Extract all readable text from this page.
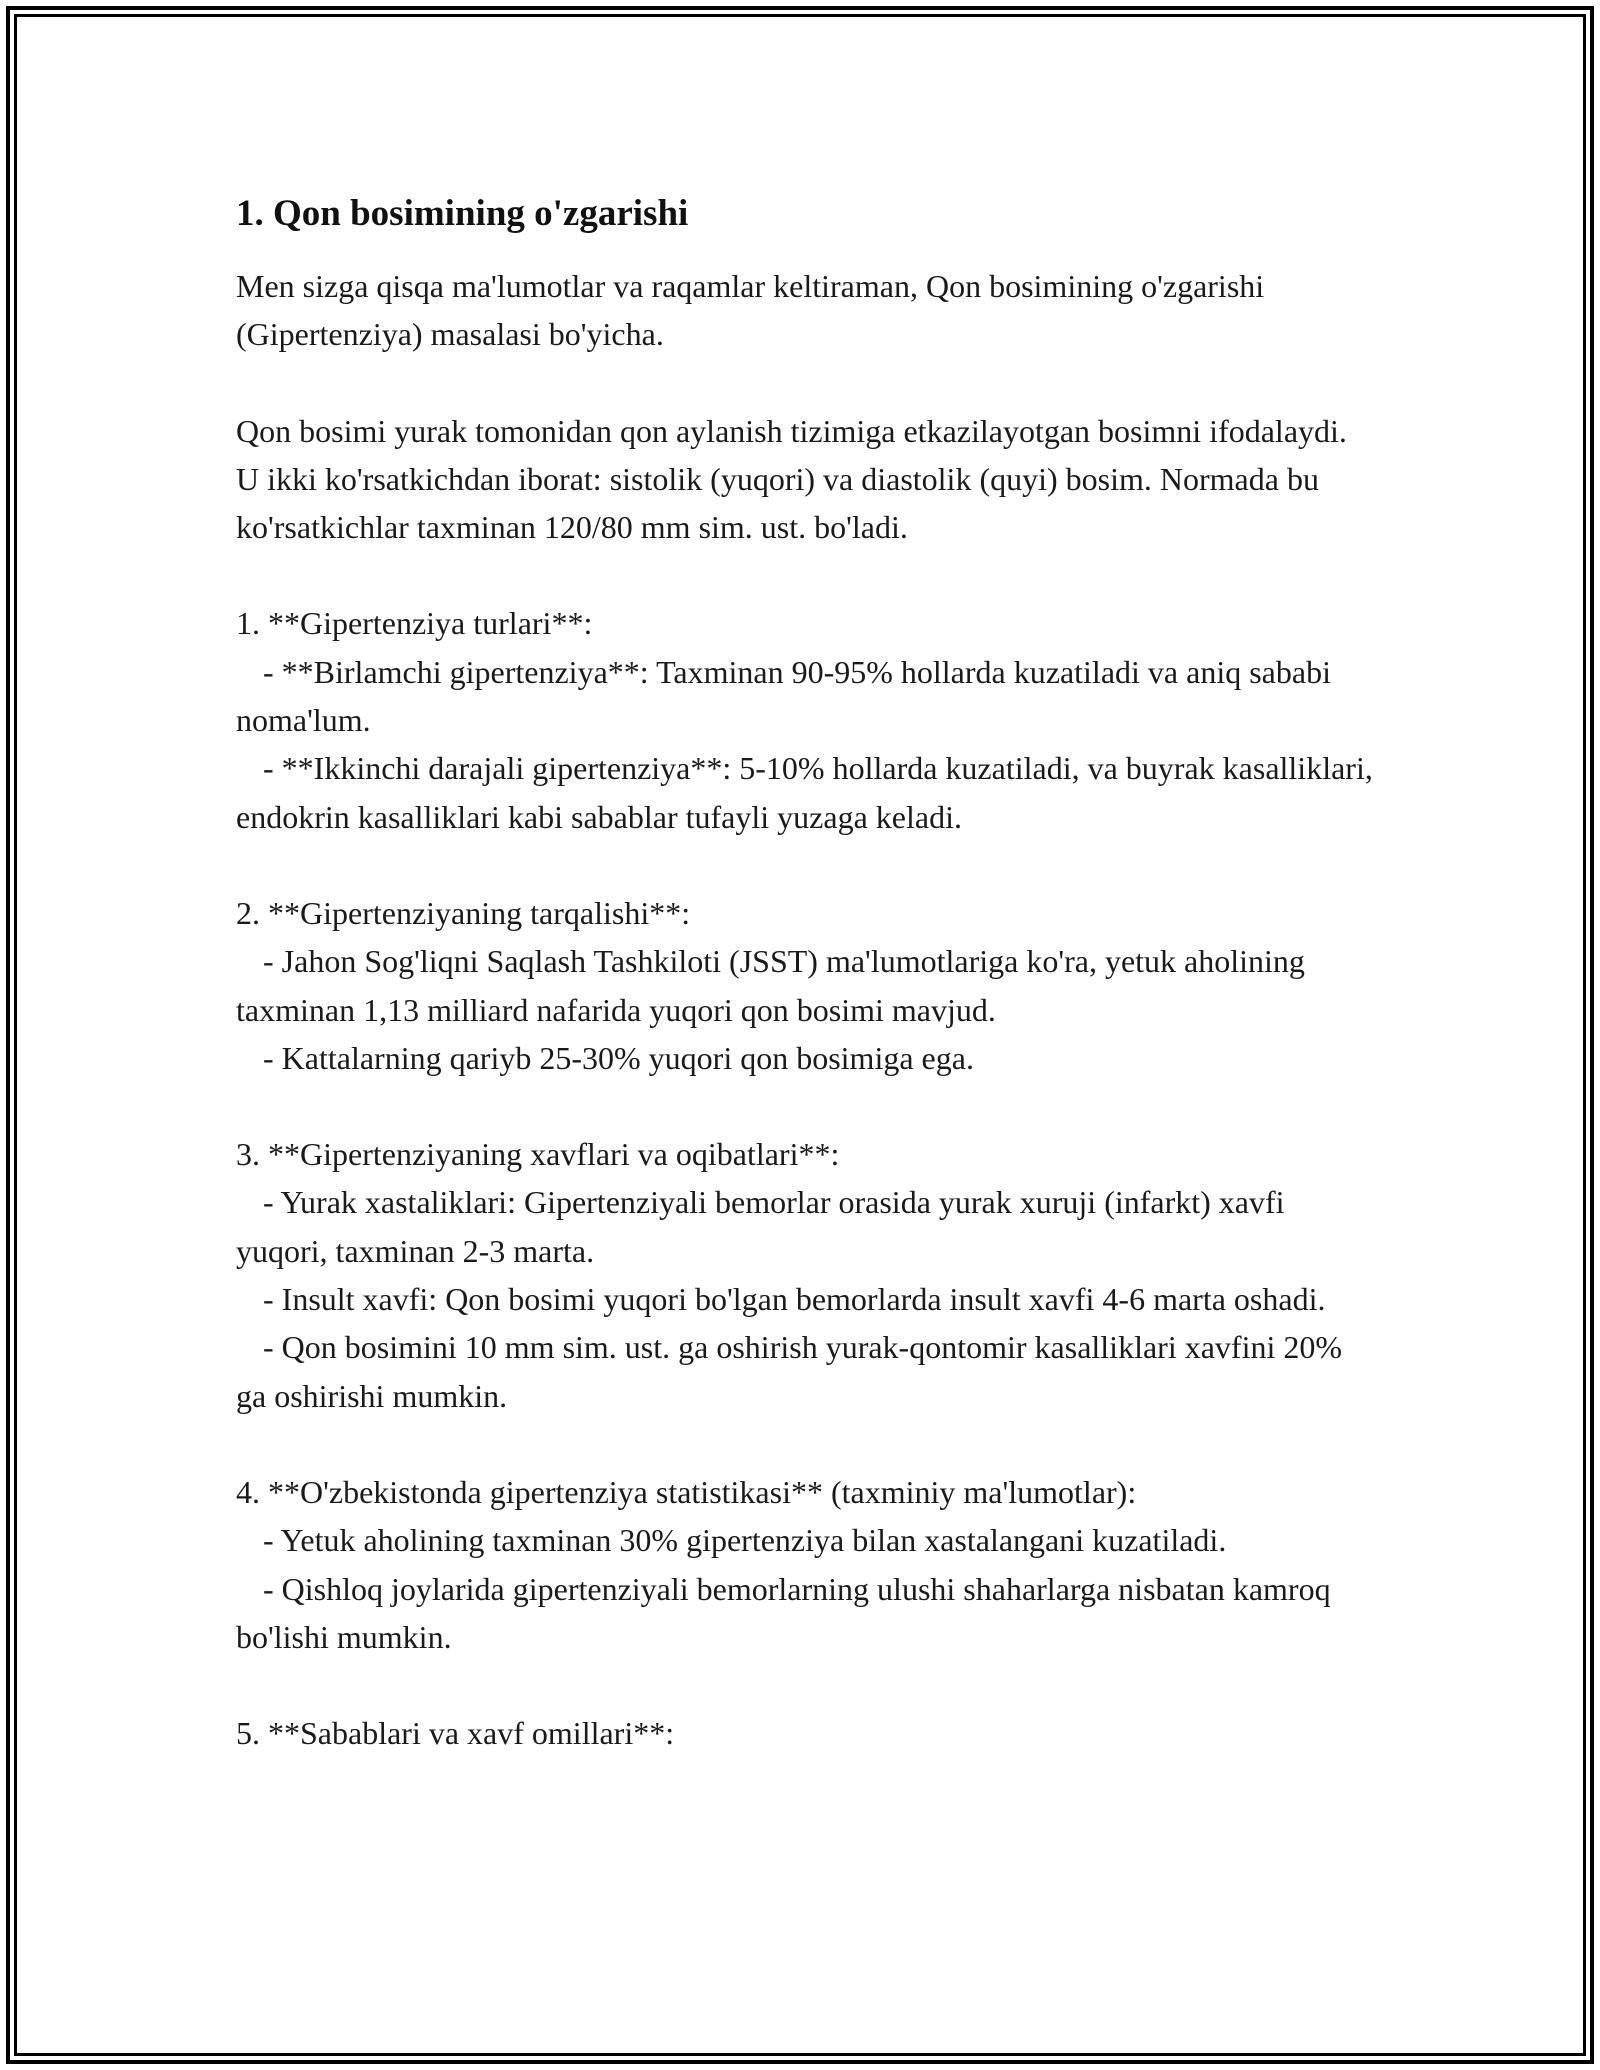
1. Qon bosimining o'zgarishi
Men sizga qisqa ma'lumotlar va raqamlar keltiraman, Qon bosimining o'zgarishi (Gipertenziya) masalasi bo'yicha.
Qon bosimi yurak tomonidan qon aylanish tizimiga etkazilayotgan bosimni ifodalaydi. U ikki ko'rsatkichdan iborat: sistolik (yuqori) va diastolik (quyi) bosim. Normada bu ko'rsatkichlar taxminan 120/80 mm sim. ust. bo'ladi.
1. **Gipertenziya turlari**:
- **Birlamchi gipertenziya**: Taxminan 90-95% hollarda kuzatiladi va aniq sababi noma'lum.
- **Ikkinchi darajali gipertenziya**: 5-10% hollarda kuzatiladi, va buyrak kasalliklari, endokrin kasalliklari kabi sabablar tufayli yuzaga keladi.
2. **Gipertenziyaning tarqalishi**:
- Jahon Sog'liqni Saqlash Tashkiloti (JSST) ma'lumotlariga ko'ra, yetuk aholining taxminan 1,13 milliard nafarida yuqori qon bosimi mavjud.
- Kattalarning qariyb 25-30% yuqori qon bosimiga ega.
3. **Gipertenziyaning xavflari va oqibatlari**:
- Yurak xastaliklari: Gipertenziyali bemorlar orasida yurak xuruji (infarkt) xavfi yuqori, taxminan 2-3 marta.
- Insult xavfi: Qon bosimi yuqori bo'lgan bemorlarda insult xavfi 4-6 marta oshadi.
- Qon bosimini 10 mm sim. ust. ga oshirish yurak-qontomir kasalliklari xavfini 20% ga oshirishi mumkin.
4. **O'zbekistonda gipertenziya statistikasi** (taxminiy ma'lumotlar):
- Yetuk aholining taxminan 30% gipertenziya bilan xastalangani kuzatiladi.
- Qishloq joylarida gipertenziyali bemorlarning ulushi shaharlarga nisbatan kamroq bo'lishi mumkin.
5. **Sabablari va xavf omillari**:
